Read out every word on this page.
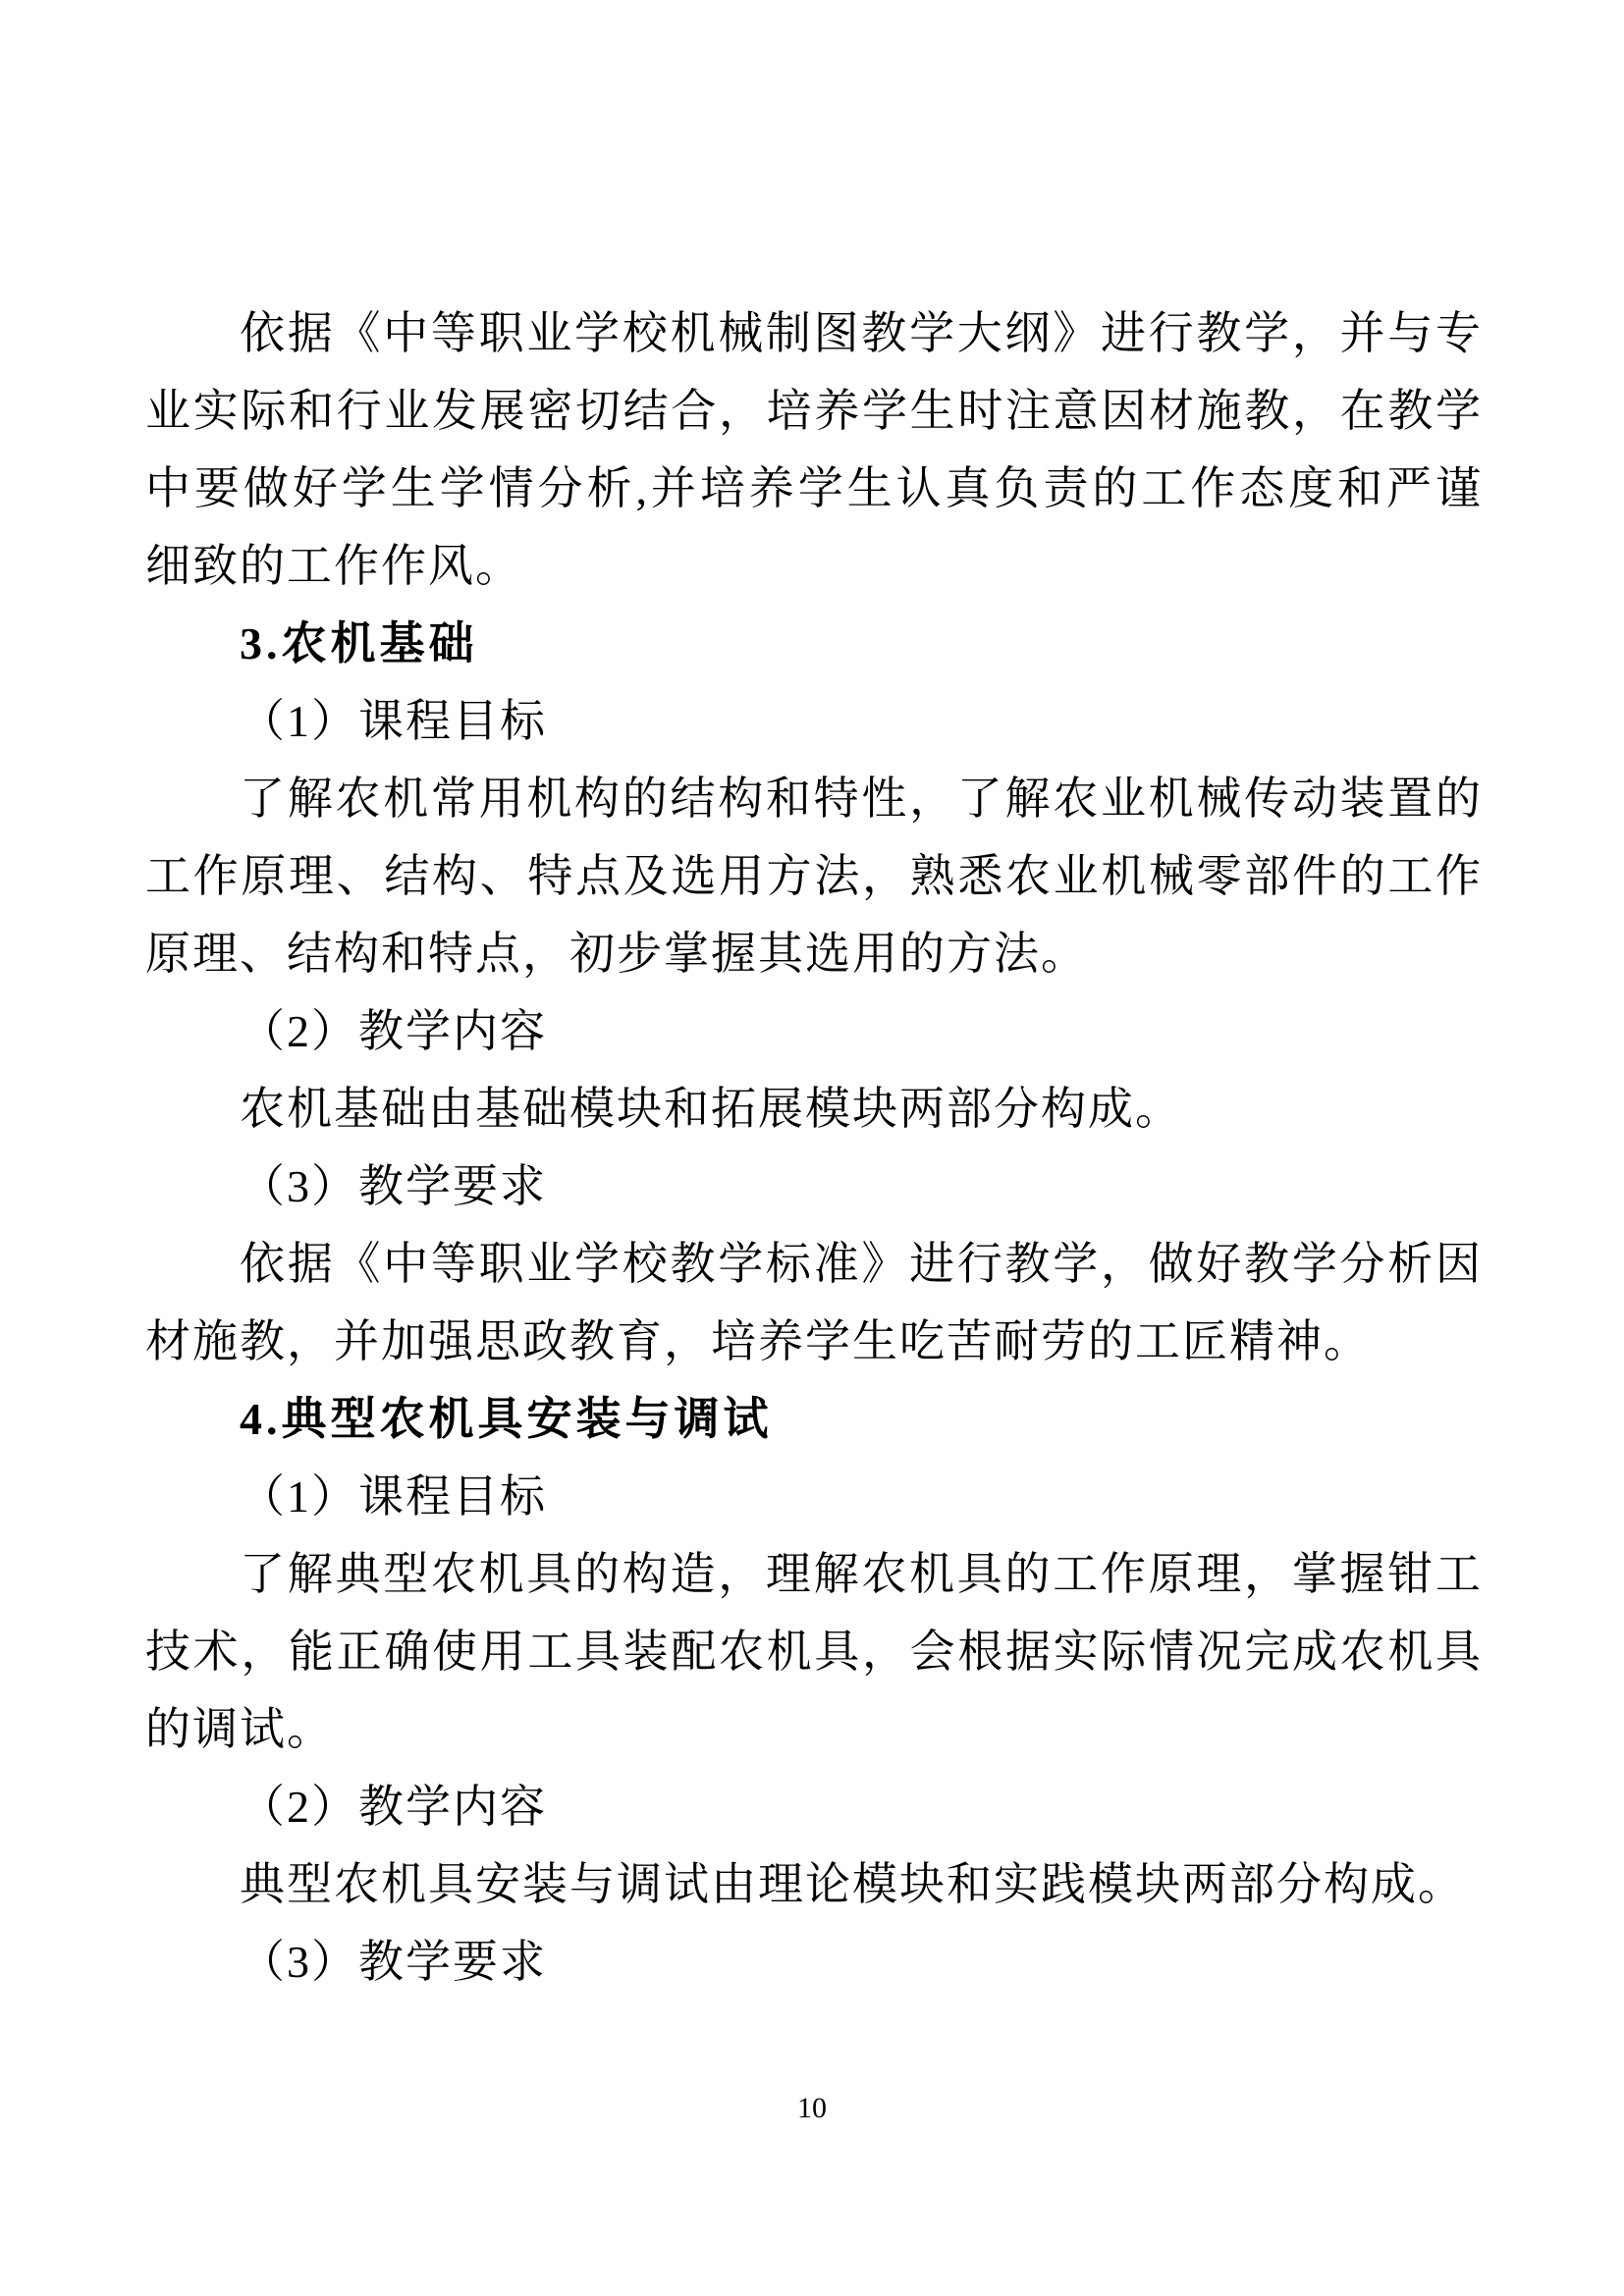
依据《中等职业学校机械制图教学大纲》进行教学，并与专
业实际和行业发展密切结合，培养学生时注意因材施教，在教学
中要做好学生学情分析,并培养学生认真负责的工作态度和严谨
细致的工作作风。
3.农机基础
（1）课程目标
了解农机常用机构的结构和特性，了解农业机械传动装置的
工作原理、结构、特点及选用方法，熟悉农业机械零部件的工作
原理、结构和特点，初步掌握其选用的方法。
（2）教学内容
农机基础由基础模块和拓展模块两部分构成。
（3）教学要求
依据《中等职业学校教学标准》进行教学，做好教学分析因
材施教，并加强思政教育，培养学生吃苦耐劳的工匠精神。
4.典型农机具安装与调试
（1）课程目标
了解典型农机具的构造，理解农机具的工作原理，掌握钳工
技术，能正确使用工具装配农机具，会根据实际情况完成农机具
的调试。
（2）教学内容
典型农机具安装与调试由理论模块和实践模块两部分构成。
（3）教学要求
10
